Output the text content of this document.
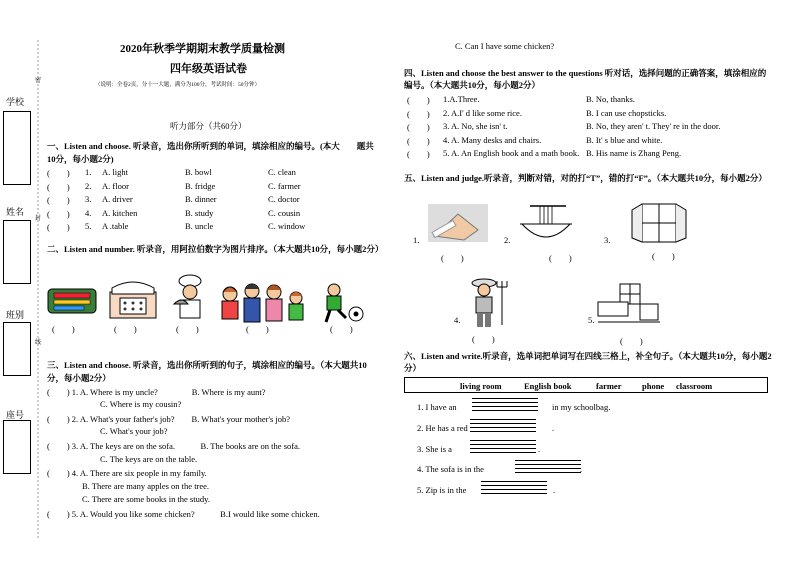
学校
姓名
班别
座号
密
封
线
2020年秋季学期期末教学质量检测
四年级英语试卷
（说明：全卷2页，分十一大题，满分为100分，考试时间：50分钟）
听力部分（共60分）
一、Listen and choose. 听录音，选出你所听到的单词，填涂相应的编号。(本大　　题共10分，每小题2分)
(　　) 1. A. light	B. bowl	C. clean
(　　) 2. A. floor	B. fridge	C. farmer
(　　) 3. A. driver	B. dinner	C. doctor
(　　) 4. A. kitchen	B. study	C. cousin
(　　) 5. A .table	B. uncle	C. window
二、Listen and number. 听录音，用阿拉伯数字为图片排序。（本大题共10分，每小题2分）
(　　)	(　　)	(　　)	(　　)	(　　)
三、Listen and choose. 听录音，选出你所听到的句子，填涂相应的编号。（本大题共10分，每小题2分）
(　　) 1. A. Where is my uncle?　　　　B. Where is my aunt?
C. Where is my cousin?
(　　) 2. A. What's your father's job?　　B. What's your mother's job?
C. What's your job?
(　　) 3. A. The keys are on the sofa.　　　B. The books are on the sofa.
C. The keys are on the table.
(　　) 4. A. There are six people in my family.
B. There are many apples on the tree.
C. There are some books in the study.
(　　) 5. A. Would you like some chicken?　　　B.I would like some chicken.
C. Can I have some chicken?
四、Listen and choose the best answer to the questions 听对话，选择问题的正确答案，填涂相应的编号。（本大题共10分，每小题2分）
(　　) 1.A.Three.	B. No, thanks.
(　　) 2. A.I' d like some rice.	B. I can use chopsticks.
(　　) 3. A. No, she isn' t.	B. No, they aren' t. They' re in the door.
(　　) 4. A. Many desks and chairs.	B. It' s blue and white.
(　　) 5. A. An English book and a math book. B. His name is Zhang Peng.
五、Listen and judge.听录音，判断对错，对的打“T”，错的打“F”。（本大题共10分，每小题2分）
1.	2.	3.
4.	5.
(　　)	(　　)	(　　)
(　　)	(　　)
六、Listen and write.听录音，选单词把单词写在四线三格上，补全句子。（本大题共10分，每小题2分）
living room	English book	farmer phone classroom
1. I have an	in my schoolbag.
2. He has a red	.
3. She is a	.
4. The sofa is in the	.
5. Zip is in the	.
